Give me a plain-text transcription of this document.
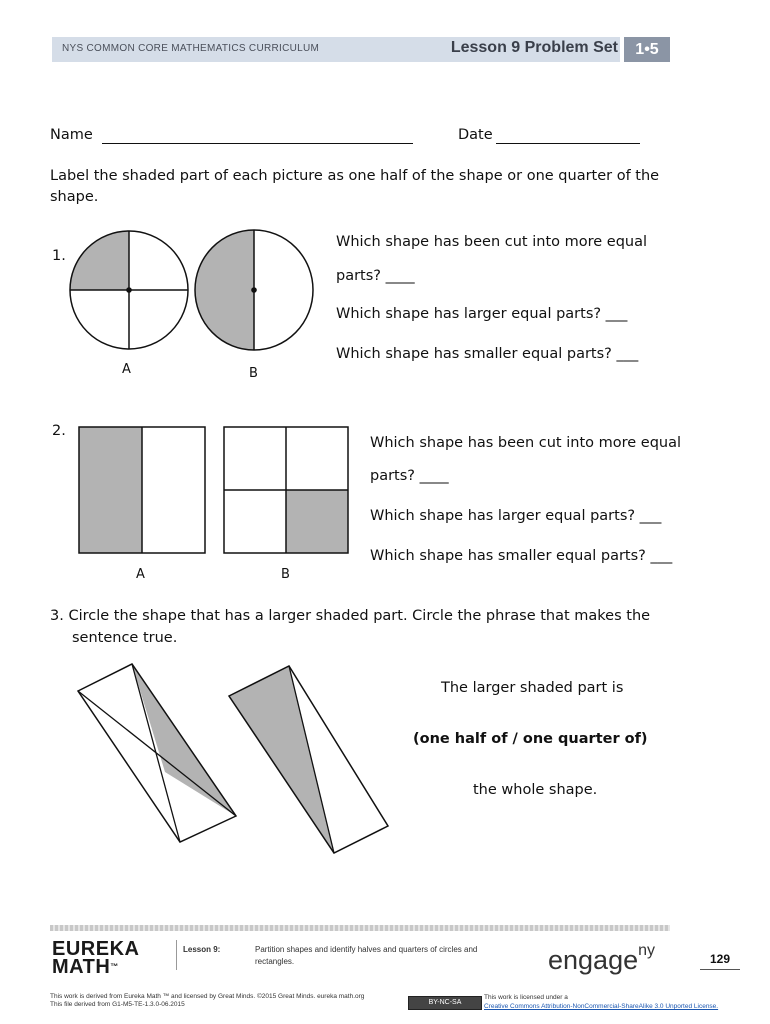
NYS COMMON CORE MATHEMATICS CURRICULUM	Lesson 9 Problem Set	1•5
Name	Date
Label the shaded part of each picture as one half of the shape or one quarter of the
shape.
1.
A	B
Which shape has been cut into more equal
parts? ____
Which shape has larger equal parts? ___
Which shape has smaller equal parts? ___
2.
A	B
Which shape has been cut into more equal
parts? ____
Which shape has larger equal parts? ___
Which shape has smaller equal parts? ___
3. Circle the shape that has a larger shaded part. Circle the phrase that makes the
sentence true.
The larger shaded part is
(one half of / one quarter of)
the whole shape.
EUREKA
MATH™
Lesson 9:	Partition shapes and identify halves and quarters of circles and
rectangles.	engage$^{ny}$	129
This work is derived from Eureka Math ™ and licensed by Great Minds. ©2015 Great Minds. eureka math.org
This file derived from G1-M5-TE-1.3.0-06.2015	BY-NC-SA
This work is licensed under a
Creative Commons Attribution-NonCommercial-ShareAlike 3.0 Unported License.
